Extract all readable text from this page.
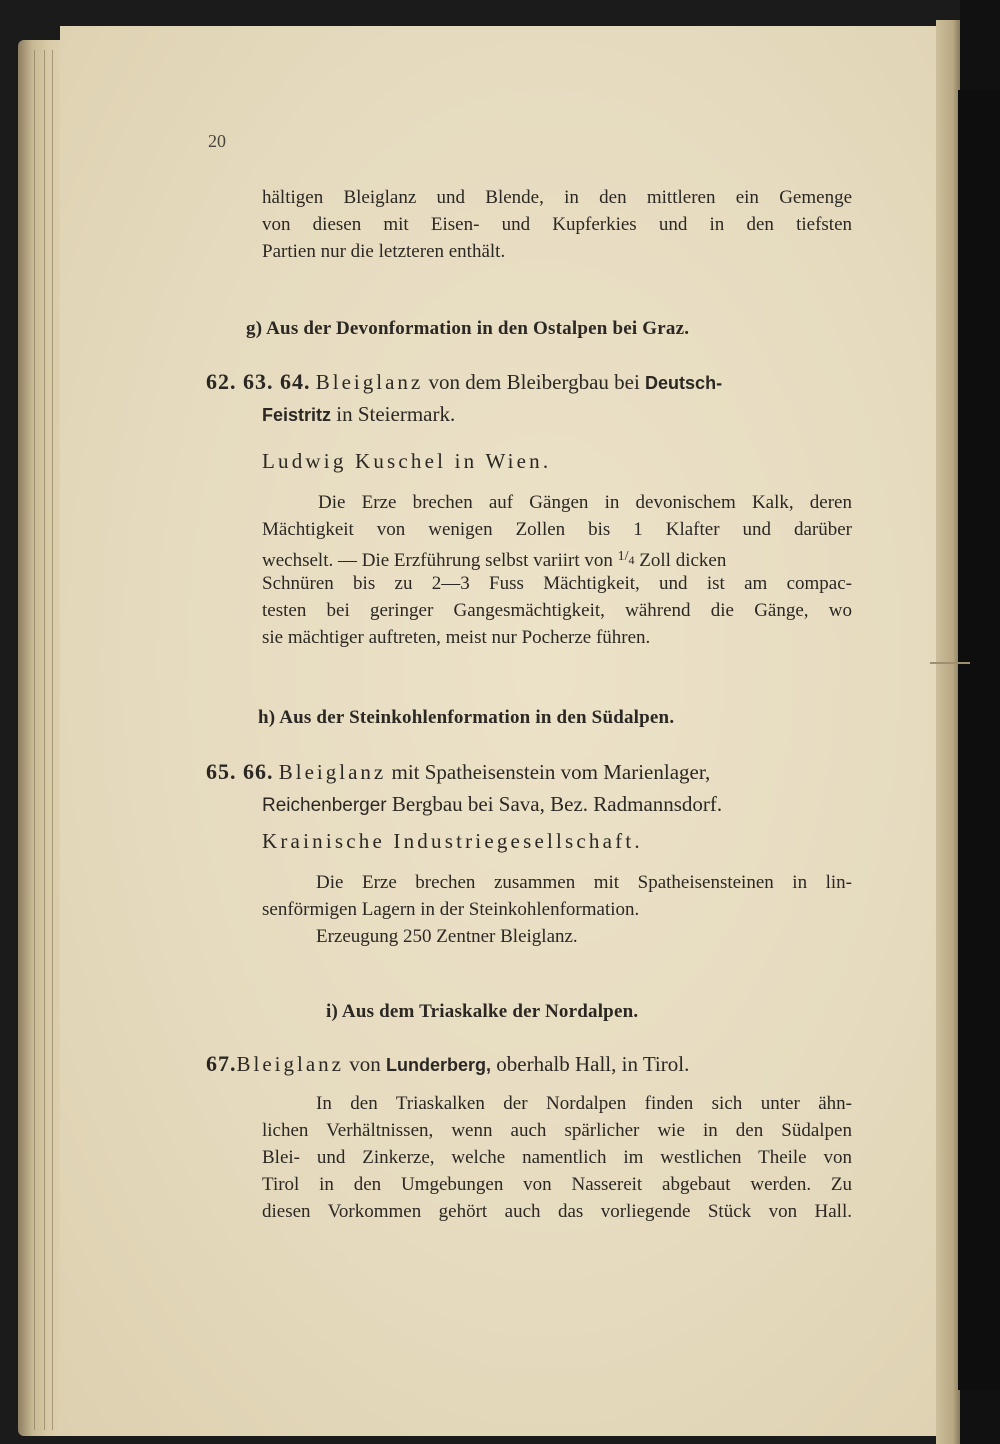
20
hältigen Bleiglanz und Blende, in den mittleren ein Gemenge
von diesen mit Eisen- und Kupferkies und in den tiefsten
Partien nur die letzteren enthält.
g) Aus der Devonformation in den Ostalpen bei Graz.
62. 63. 64. Bleiglanz von dem Bleibergbau bei Deutsch-
Feistritz in Steiermark.
Ludwig Kuschel in Wien.
Die Erze brechen auf Gängen in devonischem Kalk, deren
Mächtigkeit von wenigen Zollen bis 1 Klafter und darüber
wechselt. — Die Erzführung selbst variirt von $^{1/_4}$ Zoll dicken
Schnüren bis zu 2—3 Fuss Mächtigkeit, und ist am compac-
testen bei geringer Gangesmächtigkeit, während die Gänge, wo
sie mächtiger auftreten, meist nur Pocherze führen.
h) Aus der Steinkohlenformation in den Südalpen.
65. 66. Bleiglanz mit Spatheisenstein vom Marienlager,
Reichenberger Bergbau bei Sava, Bez. Radmannsdorf.
Krainische Industriegesellschaft.
Die Erze brechen zusammen mit Spatheisensteinen in lin-
senförmigen Lagern in der Steinkohlenformation.
Erzeugung 250 Zentner Bleiglanz.
i) Aus dem Triaskalke der Nordalpen.
67.Bleiglanz von Lunderberg, oberhalb Hall, in Tirol.
In den Triaskalken der Nordalpen finden sich unter ähn-
lichen Verhältnissen, wenn auch spärlicher wie in den Südalpen
Blei- und Zinkerze, welche namentlich im westlichen Theile von
Tirol in den Umgebungen von Nassereit abgebaut werden. Zu
diesen Vorkommen gehört auch das vorliegende Stück von Hall.
